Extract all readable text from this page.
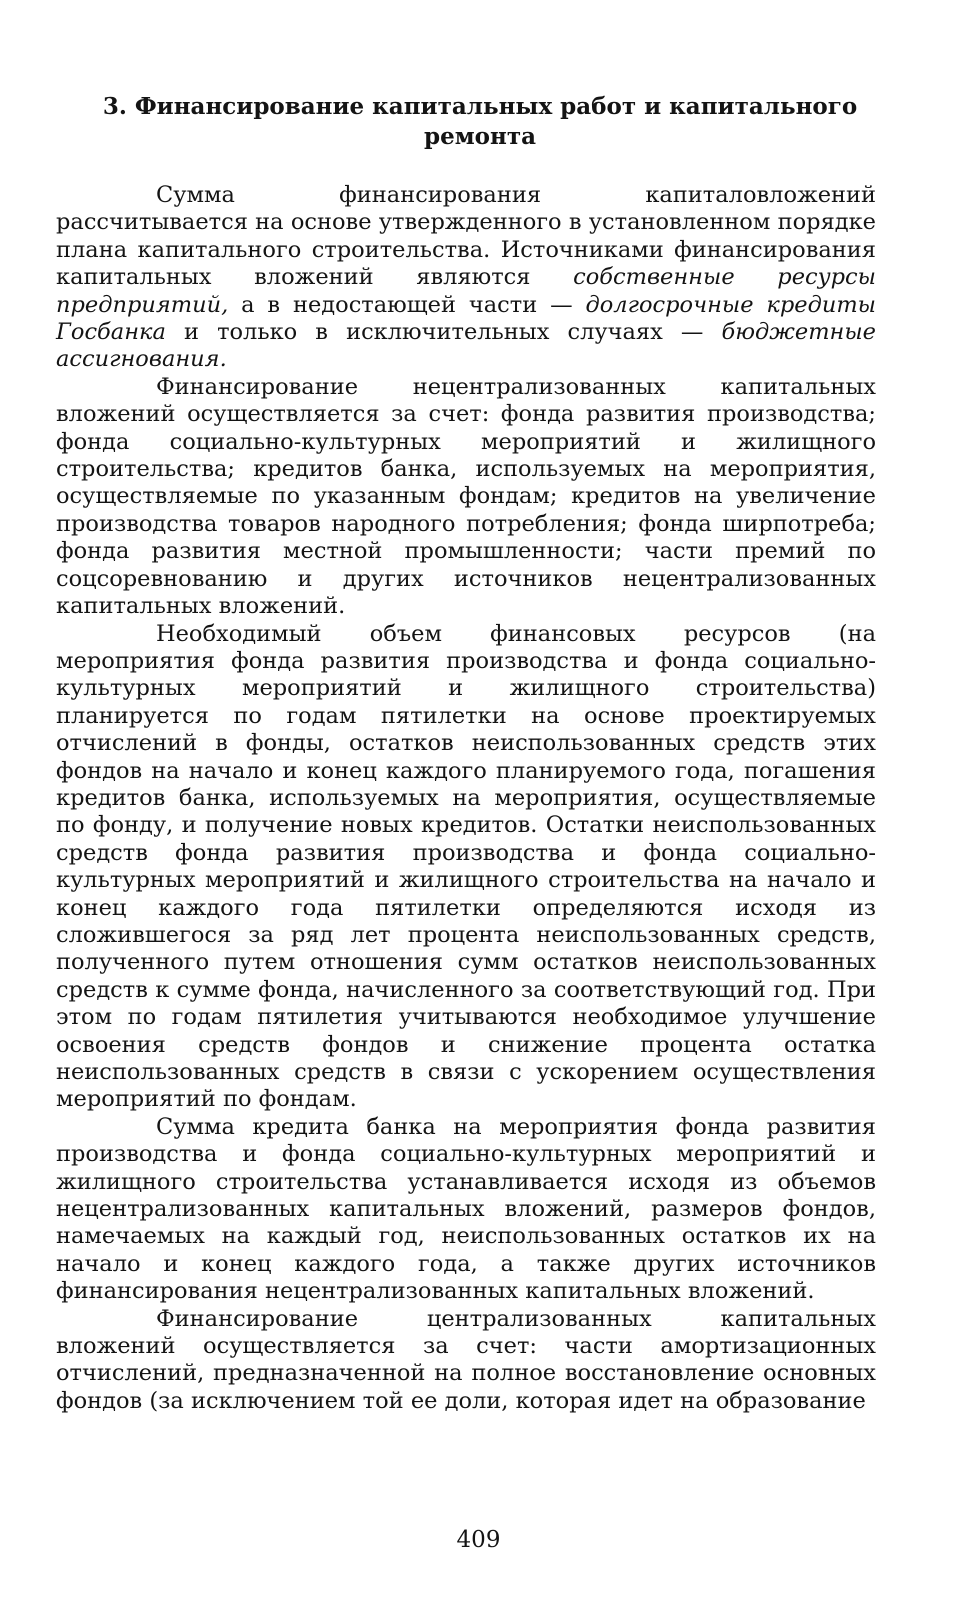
3. Финансирование капитальных работ и капитального
ремонта

Сумма финансирования капиталовложений рассчитывается на основе утвержденного в установленном порядке плана капитального строительства. Источниками финансирования капитальных вложений являются собственные ресурсы предприятий, а в недостающей части — долгосрочные кредиты Госбанка и только в исключительных случаях — бюджетные ассигнования.

Финансирование нецентрализованных капитальных вложений осуществляется за счет: фонда развития производства; фонда социально-культурных мероприятий и жилищного строительства; кредитов банка, используемых на мероприятия, осуществляемые по указанным фондам; кредитов на увеличение производства товаров народного потребления; фонда ширпотреба; фонда развития местной промышленности; части премий по соцсоревнованию и других источников нецентрализованных капитальных вложений.

Необходимый объем финансовых ресурсов (на мероприятия фонда развития производства и фонда социально-культурных мероприятий и жилищного строительства) планируется по годам пятилетки на основе проектируемых отчислений в фонды, остатков неиспользованных средств этих фондов на начало и конец каждого планируемого года, погашения кредитов банка, используемых на мероприятия, осуществляемые по фонду, и получение новых кредитов. Остатки неиспользованных средств фонда развития производства и фонда социально-культурных мероприятий и жилищного строительства на начало и конец каждого года пятилетки определяются исходя из сложившегося за ряд лет процента неиспользованных средств, полученного путем отношения сумм остатков неиспользованных средств к сумме фонда, начисленного за соответствующий год. При этом по годам пятилетия учитываются необходимое улучшение освоения средств фондов и снижение процента остатка неиспользованных средств в связи с ускорением осуществления мероприятий по фондам.

Сумма кредита банка на мероприятия фонда развития производства и фонда социально-культурных мероприятий и жилищного строительства устанавливается исходя из объемов нецентрализованных капитальных вложений, размеров фондов, намечаемых на каждый год, неиспользованных остатков их на начало и конец каждого года, а также других источников финансирования нецентрализованных капитальных вложений.

Финансирование централизованных капитальных вложений осуществляется за счет: части амортизационных отчислений, предназначенной на полное восстановление основных фондов (за исключением той ее доли, которая идет на образование

409
